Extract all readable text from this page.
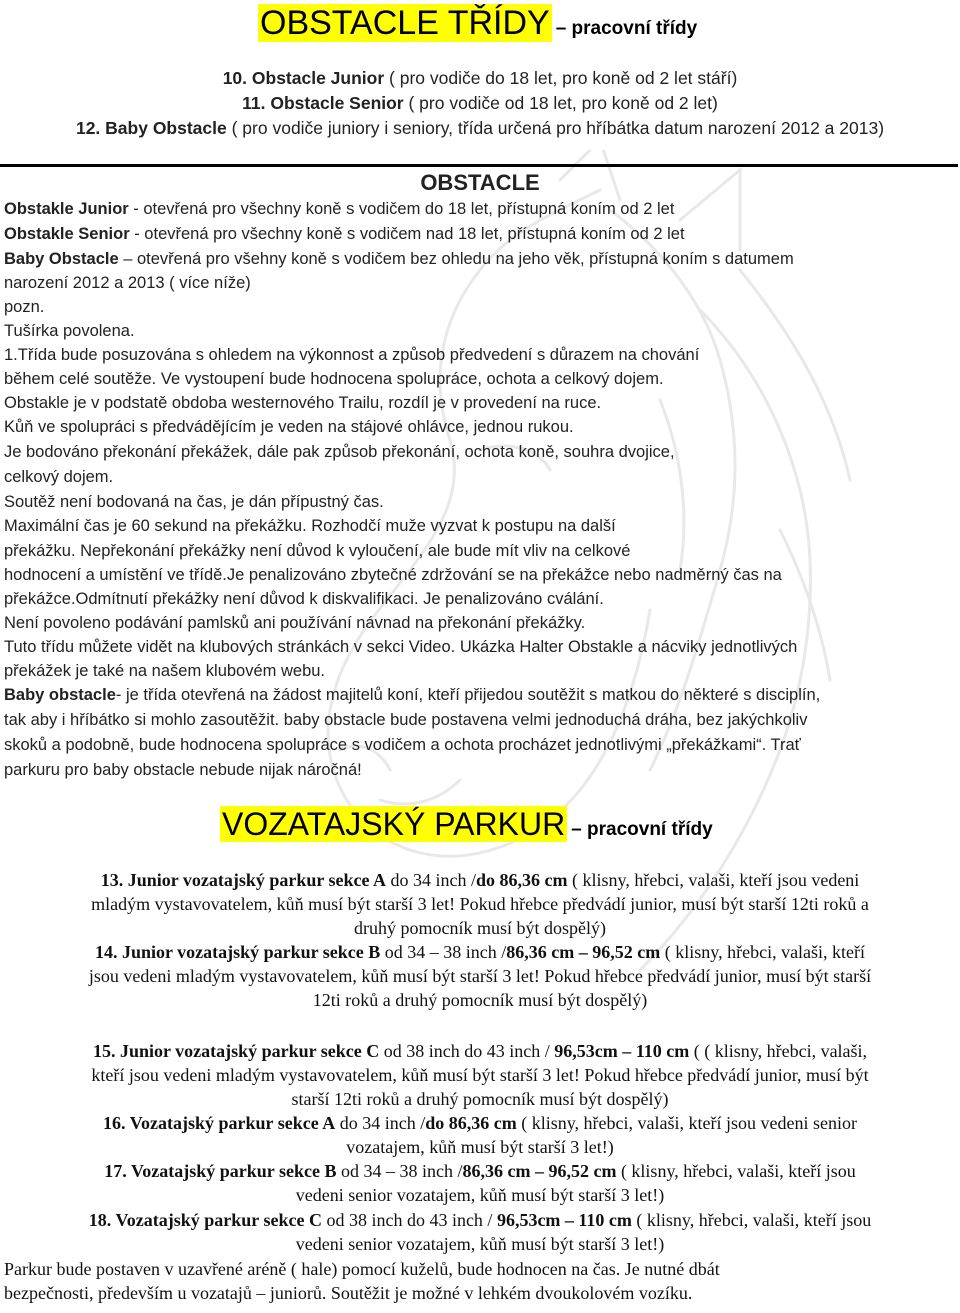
OBSTACLE TŘÍDY – pracovní třídy
10. Obstacle Junior ( pro vodiče do 18 let, pro koně od 2 let stáří)
11. Obstacle Senior ( pro vodiče od 18 let, pro koně od 2 let)
12. Baby Obstacle ( pro vodiče juniory i seniory, třída určená pro hříbátka datum narození 2012 a 2013)
OBSTACLE
Obstakle Junior - otevřená pro všechny koně s vodičem do 18 let, přístupná koním od 2 let
Obstakle Senior - otevřená pro všechny koně s vodičem nad 18 let, přístupná koním od 2 let
Baby Obstacle – otevřená pro všehny koně s vodičem bez ohledu na jeho věk, přístupná koním s datumem
narození 2012 a 2013 ( více níže)
pozn.
Tušírka povolena.
1.Třída bude posuzována s ohledem na výkonnost a způsob předvedení s důrazem na chování
během celé soutěže. Ve vystoupení bude hodnocena spolupráce, ochota a celkový dojem.
Obstakle je v podstatě obdoba westernového Trailu, rozdíl je v provedení na ruce.
Kůň ve spolupráci s předvádějícím je veden na stájové ohlávce, jednou rukou.
Je bodováno překonání překážek, dále pak způsob překonání, ochota koně, souhra dvojice,
celkový dojem.
Soutěž není bodovaná na čas, je dán přípustný čas.
Maximální čas je 60 sekund na překážku. Rozhodčí muže vyzvat k postupu na další
překážku. Nepřekonání překážky není důvod k vyloučení, ale bude mít vliv na celkové
hodnocení a umístění ve třídě.Je penalizováno zbytečné zdržování se na překážce nebo nadměrný čas na
překážce.Odmítnutí překážky není důvod k diskvalifikaci. Je penalizováno cválání.
Není povoleno podávání pamlsků ani používání návnad na překonání překážky.
Tuto třídu můžete vidět na klubových stránkách v sekci Video. Ukázka Halter Obstakle a nácviky jednotlivých
překážek je také na našem klubovém webu.
Baby obstacle- je třída otevřená na žádost majitelů koní, kteří přijedou soutěžit s matkou do některé s disciplín,
tak aby i hříbátko si mohlo zasoutěžit. baby obstacle bude postavena velmi jednoduchá dráha, bez jakýchkoliv
skoků a podobně, bude hodnocena spolupráce s vodičem a ochota procházet jednotlivými „překážkami“. Trať
parkuru pro baby obstacle nebude nijak náročná!
VOZATAJSKÝ PARKUR – pracovní třídy
13. Junior vozatajský parkur sekce A do 34 inch /do 86,36 cm ( klisny, hřebci, valaši, kteří jsou vedeni
mladým vystavovatelem, kůň musí být starší 3 let! Pokud hřebce předvádí junior, musí být starší 12ti roků a
druhý pomocník musí být dospělý)
14. Junior vozatajský parkur sekce B od 34 – 38 inch /86,36 cm – 96,52 cm ( klisny, hřebci, valaši, kteří
jsou vedeni mladým vystavovatelem, kůň musí být starší 3 let! Pokud hřebce předvádí junior, musí být starší
12ti roků a druhý pomocník musí být dospělý)
15. Junior vozatajský parkur sekce C od 38 inch do 43 inch / 96,53cm – 110 cm ( ( klisny, hřebci, valaši,
kteří jsou vedeni mladým vystavovatelem, kůň musí být starší 3 let! Pokud hřebce předvádí junior, musí být
starší 12ti roků a druhý pomocník musí být dospělý)
16. Vozatajský parkur sekce A do 34 inch /do 86,36 cm ( klisny, hřebci, valaši, kteří jsou vedeni senior
vozatajem, kůň musí být starší 3 let!)
17. Vozatajský parkur sekce B od 34 – 38 inch /86,36 cm – 96,52 cm ( klisny, hřebci, valaši, kteří jsou
vedeni senior vozatajem, kůň musí být starší 3 let!)
18. Vozatajský parkur sekce C od 38 inch do 43 inch / 96,53cm – 110 cm ( klisny, hřebci, valaši, kteří jsou
vedeni senior vozatajem, kůň musí být starší 3 let!)
Parkur bude postaven v uzavřené aréně ( hale) pomocí kuželů, bude hodnocen na čas. Je nutné dbát
bezpečnosti, především u vozatajů – juniorů. Soutěžit je možné v lehkém dvoukolovém vozíku.
